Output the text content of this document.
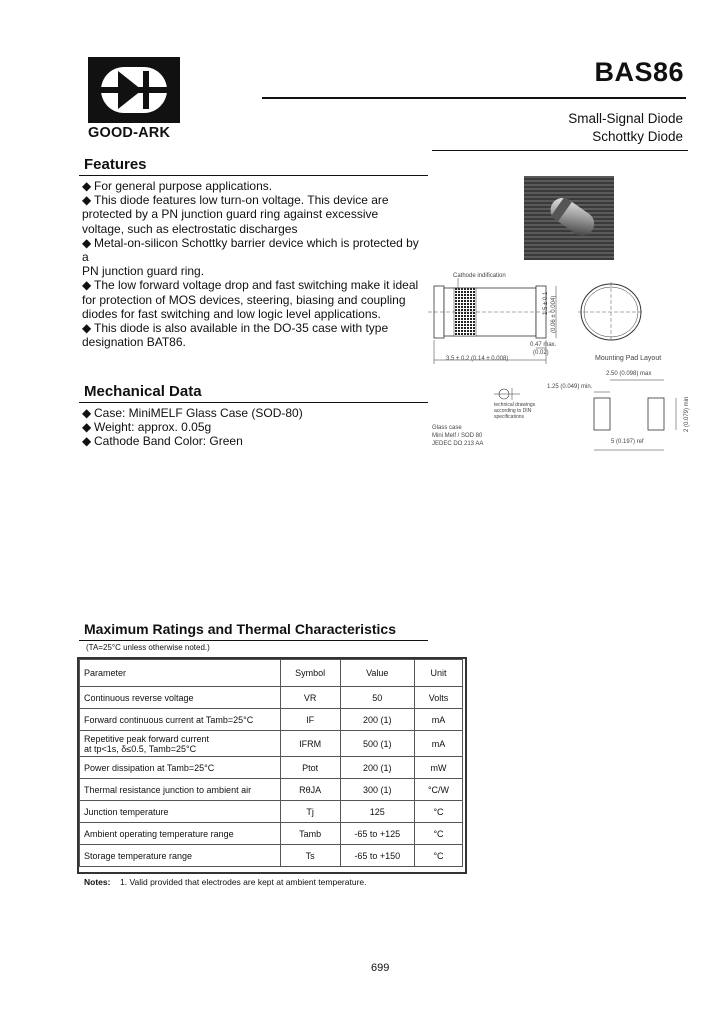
GOOD-ARK
BAS86
Small-Signal Diode
Schottky Diode
Features
◆ For general purpose applications.
◆ This diode features low turn-on voltage. This device are
protected by a PN junction guard ring against excessive
voltage, such as electrostatic discharges
◆ Metal-on-silicon Schottky barrier device which is protected by a
PN junction guard ring.
◆ The low forward voltage drop and fast switching make it ideal
for protection of MOS devices, steering, biasing and coupling
diodes for fast switching and low logic level applications.
◆ This diode is also available in the DO-35 case with type
designation BAT86.
Cathode indification
3.5 ± 0.2 (0.14 ± 0.008)
0.47 max.
(0.02)
1.5 ± 0.1 (0.06 ± 0.004)
Mounting Pad Layout
1.25 (0.049) min.
2.50 (0.098) max
2 (0.079) min
5 (0.197) ref
technical drawings according to DIN specifications
Glass case
Mini Melf / SOD 80
JEDEC DO 213 AA
Mechanical Data
◆ Case: MiniMELF Glass Case (SOD-80)
◆ Weight: approx. 0.05g
◆ Cathode Band Color: Green
Maximum Ratings and Thermal Characteristics
(TA=25°C unless otherwise noted.)
Parameter	Symbol	Value	Unit
Continuous reverse voltage	VR	50	Volts
Forward continuous current at Tamb=25°C	IF	200 (1)	mA

Repetitive peak forward current
at tp<1s, δ≤0.5, Tamb=25°C	IFRM	500 (1)	mA
Power dissipation at Tamb=25°C	Ptot	200 (1)	mW
Thermal resistance junction to ambient air	RθJA	300 (1)	°C/W
Junction temperature	Tj	125	°C
Ambient operating temperature range	Tamb	-65 to +125	°C
Storage temperature range	Ts	-65 to +150	°C
Notes: 1. Valid provided that electrodes are kept at ambient temperature.
699
